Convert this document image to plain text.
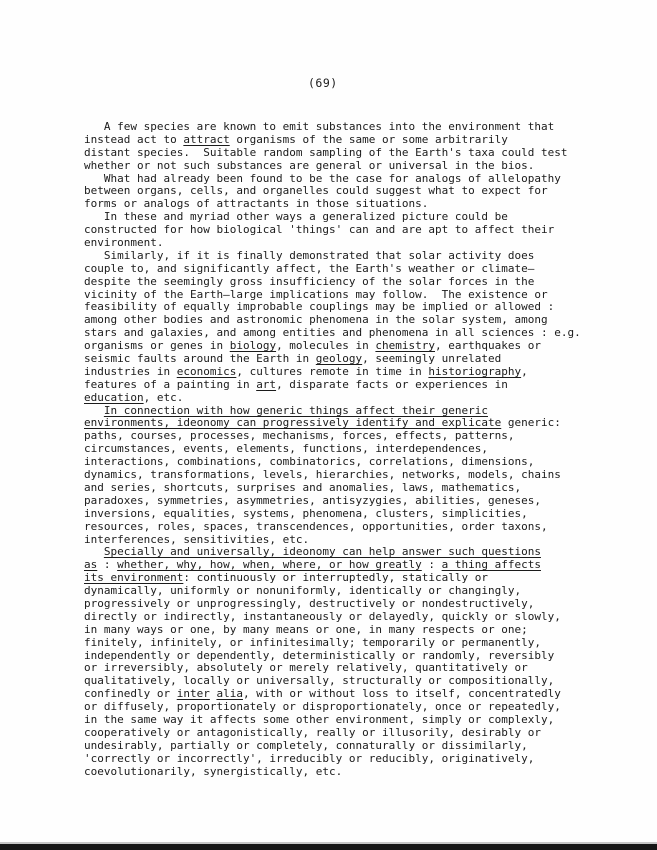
(69)
A few species are known to emit substances into the environment that
instead act to attract organisms of the same or some arbitrarily
distant species.  Suitable random sampling of the Earth's taxa could test
whether or not such substances are general or universal in the bios.
What had already been found to be the case for analogs of allelopathy
between organs, cells, and organelles could suggest what to expect for
forms or analogs of attractants in those situations.
In these and myriad other ways a generalized picture could be
constructed for how biological 'things' can and are apt to affect their
environment.
Similarly, if it is finally demonstrated that solar activity does
couple to, and significantly affect, the Earth's weather or climate—
despite the seemingly gross insufficiency of the solar forces in the
vicinity of the Earth—large implications may follow.  The existence or
feasibility of equally improbable couplings may be implied or allowed :
among other bodies and astronomic phenomena in the solar system, among
stars and galaxies, and among entities and phenomena in all sciences : e.g.
organisms or genes in biology, molecules in chemistry, earthquakes or
seismic faults around the Earth in geology, seemingly unrelated
industries in economics, cultures remote in time in historiography,
features of a painting in art, disparate facts or experiences in
education, etc.
In connection with how generic things affect their generic
environments, ideonomy can progressively identify and explicate generic:
paths, courses, processes, mechanisms, forces, effects, patterns,
circumstances, events, elements, functions, interdependences,
interactions, combinations, combinatorics, correlations, dimensions,
dynamics, transformations, levels, hierarchies, networks, models, chains
and series, shortcuts, surprises and anomalies, laws, mathematics,
paradoxes, symmetries, asymmetries, antisyzygies, abilities, geneses,
inversions, equalities, systems, phenomena, clusters, simplicities,
resources, roles, spaces, transcendences, opportunities, order taxons,
interferences, sensitivities, etc.
Specially and universally, ideonomy can help answer such questions
as : whether, why, how, when, where, or how greatly : a thing affects
its environment: continuously or interruptedly, statically or
dynamically, uniformly or nonuniformly, identically or changingly,
progressively or unprogressingly, destructively or nondestructively,
directly or indirectly, instantaneously or delayedly, quickly or slowly,
in many ways or one, by many means or one, in many respects or one;
finitely, infinitely, or infinitesimally; temporarily or permanently,
independently or dependently, deterministically or randomly, reversibly
or irreversibly, absolutely or merely relatively, quantitatively or
qualitatively, locally or universally, structurally or compositionally,
confinedly or inter alia, with or without loss to itself, concentratedly
or diffusely, proportionately or disproportionately, once or repeatedly,
in the same way it affects some other environment, simply or complexly,
cooperatively or antagonistically, really or illusorily, desirably or
undesirably, partially or completely, connaturally or dissimilarly,
'correctly or incorrectly', irreducibly or reducibly, originatively,
coevolutionarily, synergistically, etc.
